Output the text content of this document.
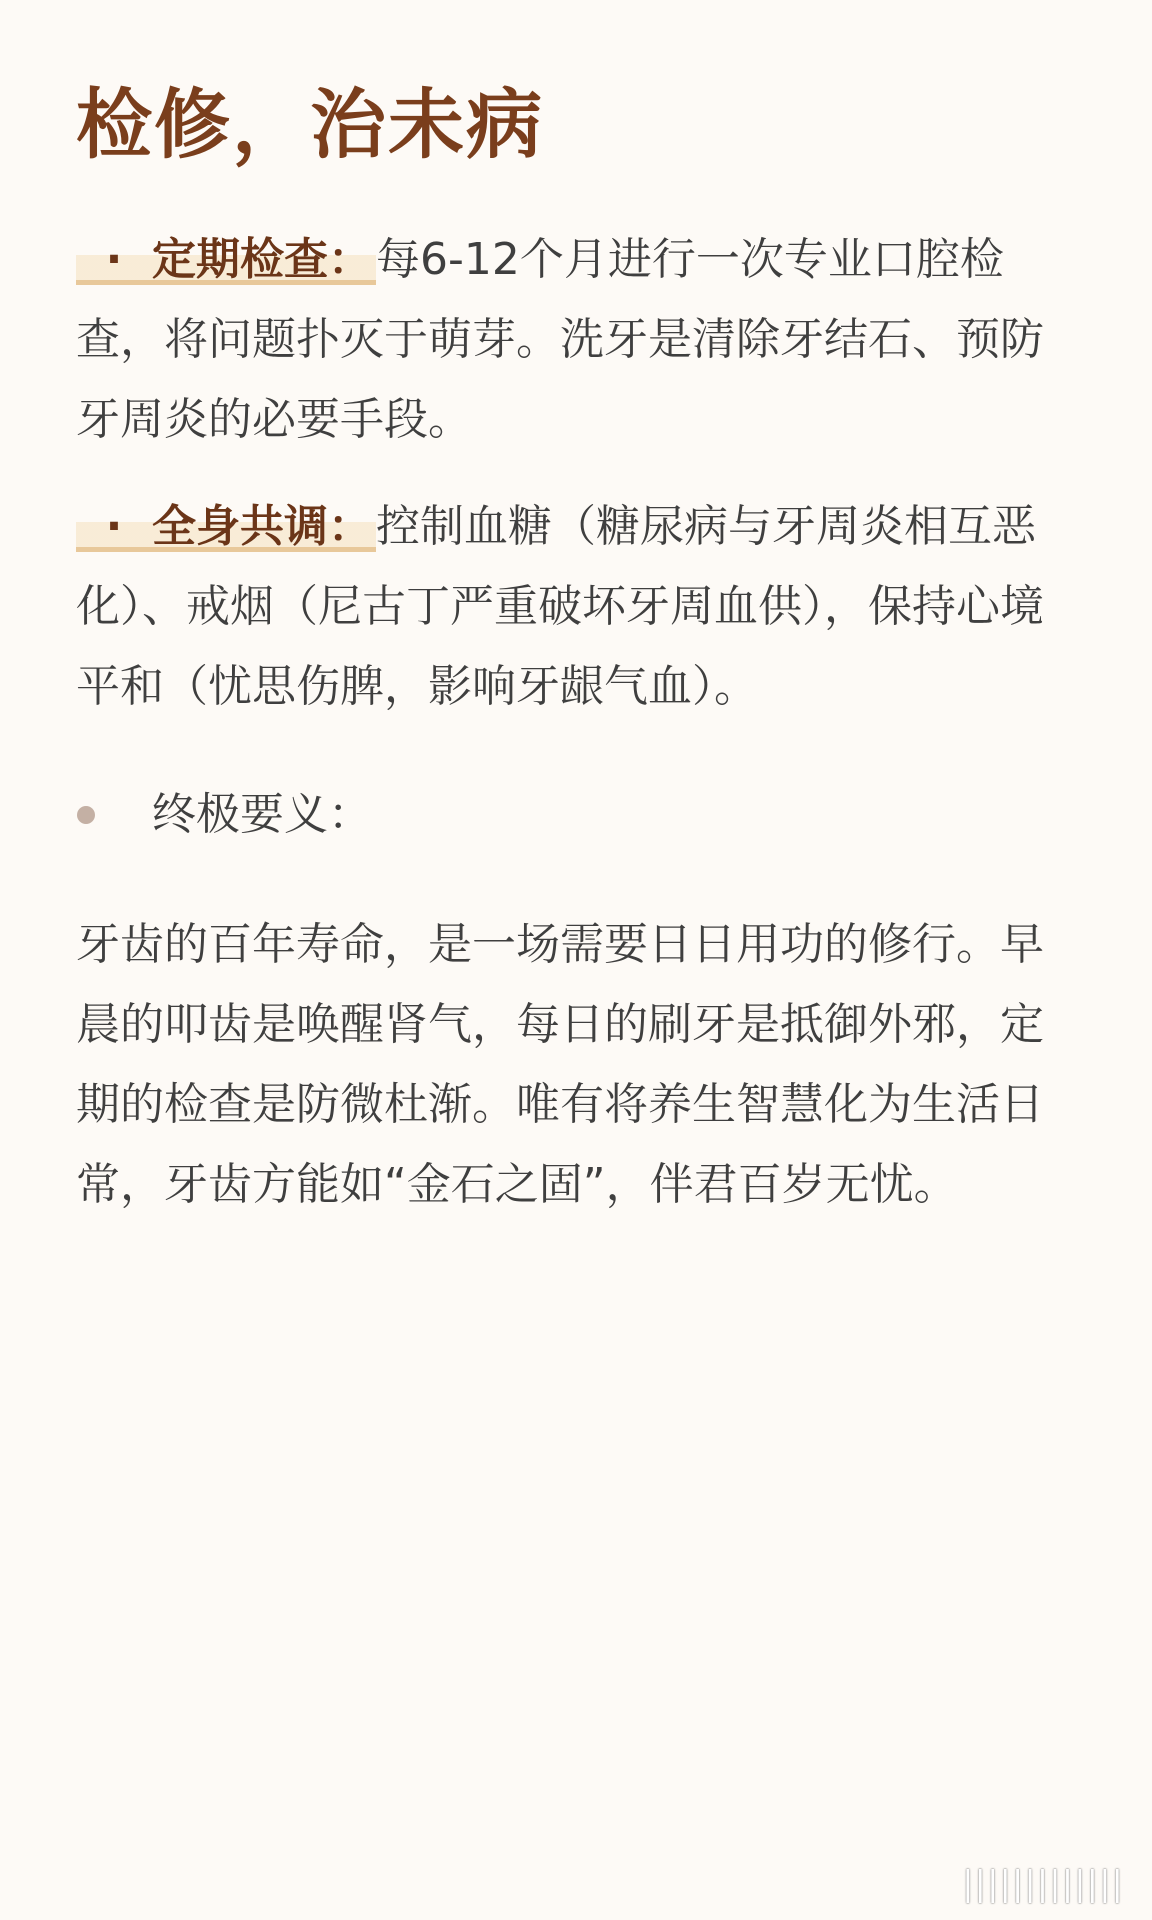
检修，治未病

· 定期检查：每6-12个月进行一次专业口腔检查，将问题扑灭于萌芽。洗牙是清除牙结石、预防牙周炎的必要手段。

· 全身共调：控制血糖（糖尿病与牙周炎相互恶化）、戒烟（尼古丁严重破坏牙周血供），保持心境平和（忧思伤脾，影响牙龈气血）。

终极要义：

牙齿的百年寿命，是一场需要日日用功的修行。早晨的叩齿是唤醒肾气，每日的刷牙是抵御外邪，定期的检查是防微杜渐。唯有将养生智慧化为生活日常，牙齿方能如“金石之固”，伴君百岁无忧。

|||||||||||||
